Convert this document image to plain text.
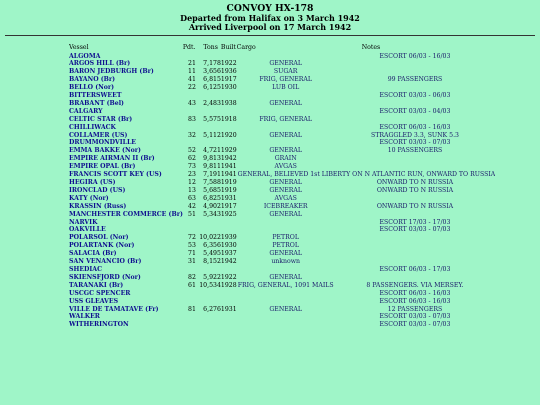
CONVOY HX-178
Departed from Halifax on 3 March 1942
Arrived Liverpool on 17 March 1942
Vessel	Pdt.	Tons	Built	Cargo	Notes
ALGOMA					ESCORT 06/03 - 16/03
ARGOS HILL (Br)	21	7,178	1922	GENERAL	
BARON JEDBURGH (Br)	11	3,656	1936	SUGAR	
BAYANO (Br)	41	6,815	1917	FRIG, GENERAL	99 PASSENGERS
BELLO (Nor)	22	6,125	1930	LUB OIL	
BITTERSWEET					ESCORT 03/03 - 06/03
BRABANT (Bel)	43	2,483	1938	GENERAL	
CALGARY					ESCORT 03/03 - 04/03
CELTIC STAR (Br)	83	5,575	1918	FRIG, GENERAL	
CHILLIWACK					ESCORT 06/03 - 16/03
COLLAMER (US)	32	5,112	1920	GENERAL	STRAGGLED 3.3, SUNK 5.3
DRUMMONDVILLE					ESCORT 03/03 - 07/03
EMMA BAKKE (Nor)	52	4,721	1929	GENERAL	10 PASSENGERS
EMPIRE AIRMAN II (Br)	62	9,813	1942	GRAIN	
EMPIRE OPAL (Br)	73	9,811	1941	AVGAS	
FRANCIS SCOTT KEY (US)	23	7,191	1941	GENERAL, BELIEVED 1st LIBERTY ON N ATLANTIC RUN, ONWARD TO RUSSIA	
HEGIRA (US)	12	7,588	1919	GENERAL	ONWARD TO N RUSSIA
IRONCLAD (US)	13	5,685	1919	GENERAL	ONWARD TO N RUSSIA
KATY (Nor)	63	6,825	1931	AVGAS	
KRASSIN (Russ)	42	4,902	1917	ICEBREAKER	ONWARD TO N RUSSIA
MANCHESTER COMMERCE (Br)	51	5,343	1925	GENERAL	
NARVIK					ESCORT 17/03 - 17/03
OAKVILLE					ESCORT 03/03 - 07/03
POLARSOL (Nor)	72	10,022	1939	PETROL	
POLARTANK (Nor)	53	6,356	1930	PETROL	
SALACIA (Br)	71	5,495	1937	GENERAL	
SAN VENANCIO (Br)	31	8,152	1942	unknown	
SHEDIAC					ESCORT 06/03 - 17/03
SKIENSFJORD (Nor)	82	5,922	1922	GENERAL	
TARANAKI (Br)	61	10,534	1928	FRIG, GENERAL, 1091 MAILS	8 PASSENGERS. VIA MERSEY.
USCGC SPENCER					ESCORT 06/03 - 16/03
USS GLEAVES					ESCORT 06/03 - 16/03
VILLE DE TAMATAVE (Fr)	81	6,276	1931	GENERAL	12 PASSENGERS
WALKER					ESCORT 03/03 - 07/03
WITHERINGTON					ESCORT 03/03 - 07/03
